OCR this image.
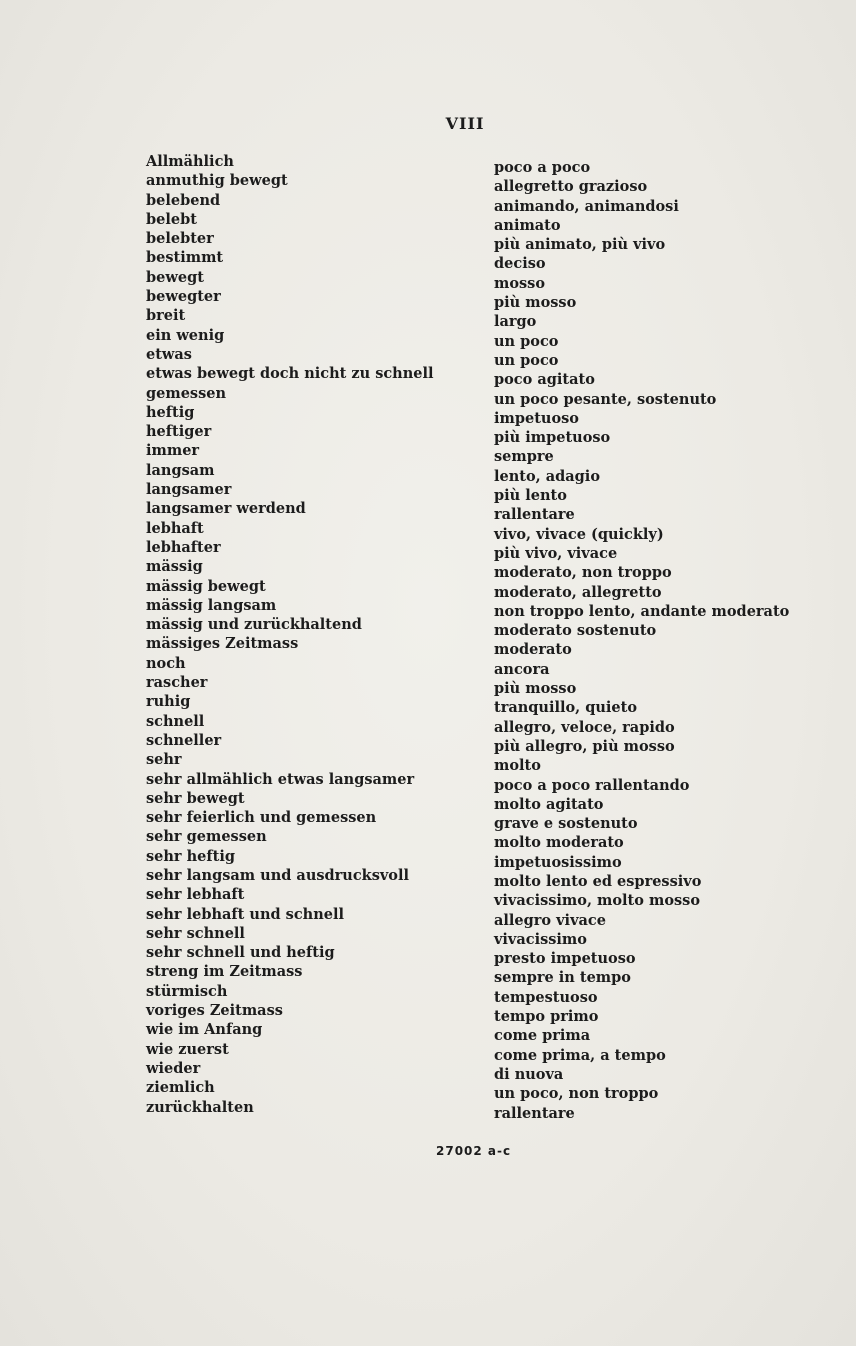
VIII
Allmählich
anmuthig bewegt
belebend
belebt
belebter
bestimmt
bewegt
bewegter
breit
ein wenig
etwas
etwas bewegt doch nicht zu schnell
gemessen
heftig
heftiger
immer
langsam
langsamer
langsamer werdend
lebhaft
lebhafter
mässig
mässig bewegt
mässig langsam
mässig und zurückhaltend
mässiges Zeitmass
noch
rascher
ruhig
schnell
schneller
sehr
sehr allmählich etwas langsamer
sehr bewegt
sehr feierlich und gemessen
sehr gemessen
sehr heftig
sehr langsam und ausdrucksvoll
sehr lebhaft
sehr lebhaft und schnell
sehr schnell
sehr schnell und heftig
streng im Zeitmass
stürmisch
voriges Zeitmass
wie im Anfang
wie zuerst
wieder
ziemlich
zurückhalten
poco a poco
allegretto grazioso
animando, animandosi
animato
più animato, più vivo
deciso
mosso
più mosso
largo
un poco
un poco
poco agitato
un poco pesante, sostenuto
impetuoso
più impetuoso
sempre
lento, adagio
più lento
rallentare
vivo, vivace (quickly)
più vivo, vivace
moderato, non troppo
moderato, allegretto
non troppo lento, andante moderato
moderato sostenuto
moderato
ancora
più mosso
tranquillo, quieto
allegro, veloce, rapido
più allegro, più mosso
molto
poco a poco rallentando
molto agitato
grave e sostenuto
molto moderato
impetuosissimo
molto lento ed espressivo
vivacissimo, molto mosso
allegro vivace
vivacissimo
presto impetuoso
sempre in tempo
tempestuoso
tempo primo
come prima
come prima, a tempo
di nuova
un poco, non troppo
rallentare
27002 a-c
